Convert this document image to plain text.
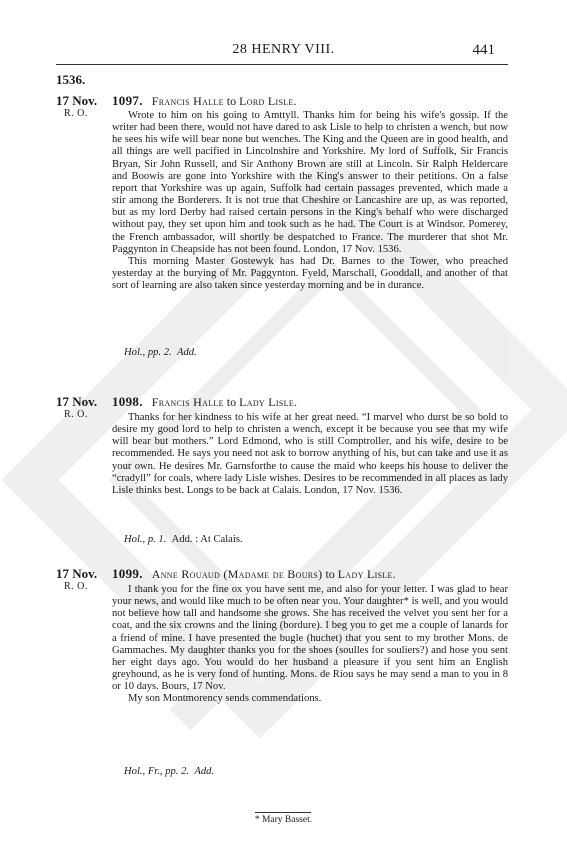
28 HENRY VIII.	441
1536.
17 Nov.
R. O.
1097. Francis Halle to Lord Lisle.

Wrote to him on his going to Amttyll. Thanks him for being his wife's gossip. If the writer had been there, would not have dared to ask Lisle to help to christen a wench, but now he sees his wife will bear none but wenches. The King and the Queen are in good health, and all things are well pacified in Lincolnshire and Yorkshire. My lord of Suffolk, Sir Francis Bryan, Sir John Russell, and Sir Anthony Brown are still at Lincoln. Sir Ralph Heldercare and Boowis are gone into Yorkshire with the King's answer to their petitions. On a false report that Yorkshire was up again, Suffolk had certain passages prevented, which made a stir among the Borderers. It is not true that Cheshire or Lancashire are up, as was reported, but as my lord Derby had raised certain persons in the King's behalf who were discharged without pay, they set upon him and took such as he had. The Court is at Windsor. Pomerey, the French ambassador, will shortly be despatched to France. The murderer that shot Mr. Paggynton in Cheapside has not been found. London, 17 Nov. 1536.

This morning Master Gostewyk has had Dr. Barnes to the Tower, who preached yesterday at the burying of Mr. Paggynton. Fyeld, Marschall, Gooddall, and another of that sort of learning are also taken since yesterday morning and be in durance.

Hol., pp. 2. Add.
17 Nov.
R. O.
1098. Francis Halle to Lady Lisle.

Thanks for her kindness to his wife at her great need. “I marvel who durst be so bold to desire my good lord to help to christen a wench, except it be because you see that my wife will bear but mothers.” Lord Edmond, who is still Comptroller, and his wife, desire to be recommended. He says you need not ask to borrow anything of his, but can take and use it as your own. He desires Mr. Garnsforthe to cause the maid who keeps his house to deliver the “cradyll” for coals, where lady Lisle wishes. Desires to be recommended in all places as lady Lisle thinks best. Longs to be back at Calais. London, 17 Nov. 1536.

Hol., p. 1. Add. : At Calais.
17 Nov.
R. O.
1099. Anne Rouaud (Madame de Bours) to Lady Lisle.

I thank you for the fine ox you have sent me, and also for your letter. I was glad to hear your news, and would like much to be often near you. Your daughter* is well, and you would not believe how tall and handsome she grows. She has received the velvet you sent her for a coat, and the six crowns and the lining (bordure). I beg you to get me a couple of lanards for a friend of mine. I have presented the bugle (huchet) that you sent to my brother Mons. de Gammaches. My daughter thanks you for the shoes (soulles for souliers?) and hose you sent her eight days ago. You would do her husband a pleasure if you sent him an English greyhound, as he is very fond of hunting. Mons. de Riou says he may send a man to you in 8 or 10 days. Bours, 17 Nov.

My son Montmorency sends commendations.

Hol., Fr., pp. 2. Add.
* Mary Basset.
